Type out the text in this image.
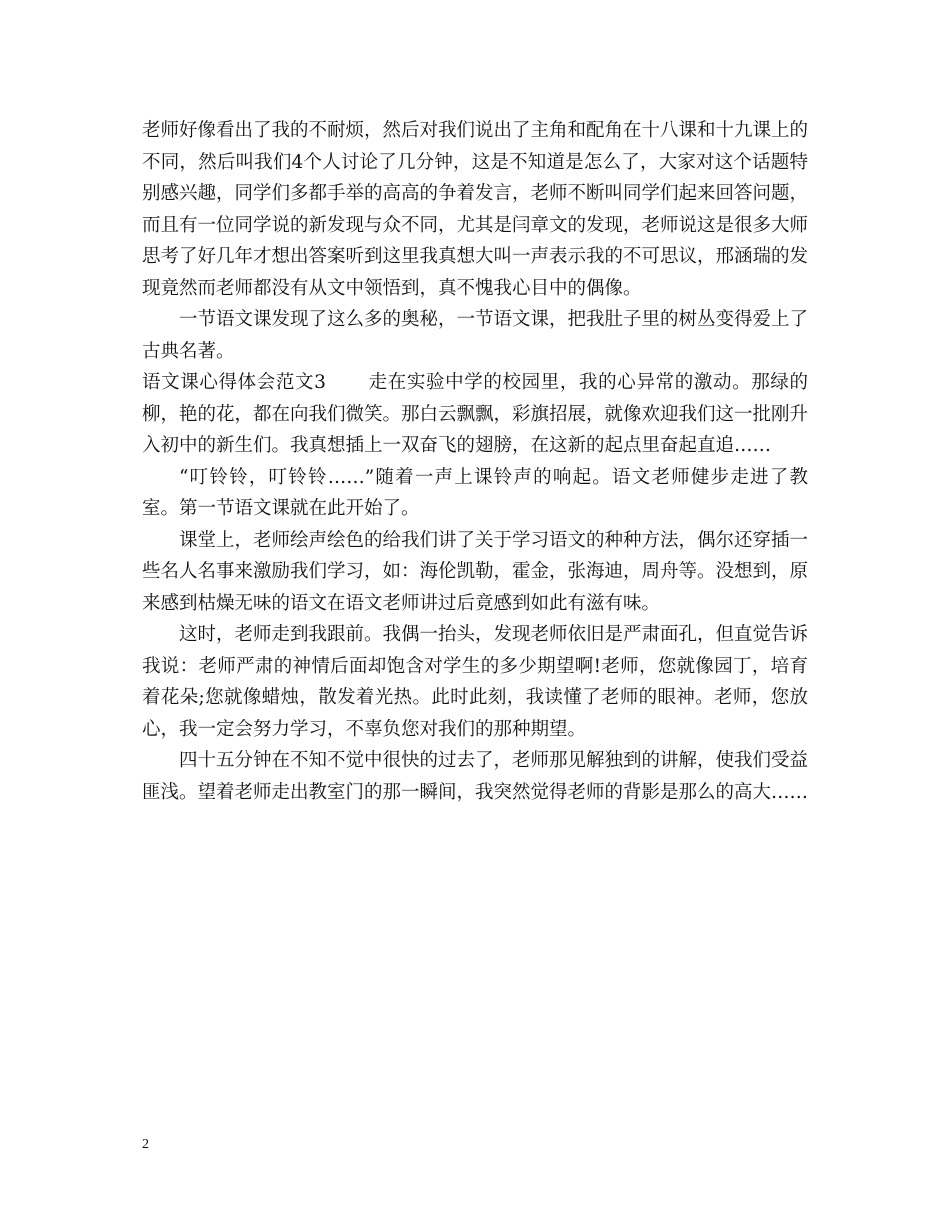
老师好像看出了我的不耐烦，然后对我们说出了主角和配角在十八课和十九课上的不同，然后叫我们4个人讨论了几分钟，这是不知道是怎么了，大家对这个话题特别感兴趣，同学们多都手举的高高的争着发言，老师不断叫同学们起来回答问题，而且有一位同学说的新发现与众不同，尤其是闫章文的发现，老师说这是很多大师思考了好几年才想出答案听到这里我真想大叫一声表示我的不可思议，邢涵瑞的发现竟然而老师都没有从文中领悟到，真不愧我心目中的偶像。

一节语文课发现了这么多的奥秘，一节语文课，把我肚子里的树丛变得爱上了古典名著。

语文课心得体会范文3 走在实验中学的校园里，我的心异常的激动。那绿的柳，艳的花，都在向我们微笑。那白云飘飘，彩旗招展，就像欢迎我们这一批刚升入初中的新生们。我真想插上一双奋飞的翅膀，在这新的起点里奋起直追……

“叮铃铃，叮铃铃……”随着一声上课铃声的响起。语文老师健步走进了教室。第一节语文课就在此开始了。

课堂上，老师绘声绘色的给我们讲了关于学习语文的种种方法，偶尔还穿插一些名人名事来激励我们学习，如：海伦凯勒，霍金，张海迪，周舟等。没想到，原来感到枯燥无味的语文在语文老师讲过后竟感到如此有滋有味。

这时，老师走到我跟前。我偶一抬头，发现老师依旧是严肃面孔，但直觉告诉我说：老师严肃的神情后面却饱含对学生的多少期望啊!老师，您就像园丁，培育着花朵;您就像蜡烛，散发着光热。此时此刻，我读懂了老师的眼神。老师，您放心，我一定会努力学习，不辜负您对我们的那种期望。

四十五分钟在不知不觉中很快的过去了，老师那见解独到的讲解，使我们受益匪浅。望着老师走出教室门的那一瞬间，我突然觉得老师的背影是那么的高大……

2
